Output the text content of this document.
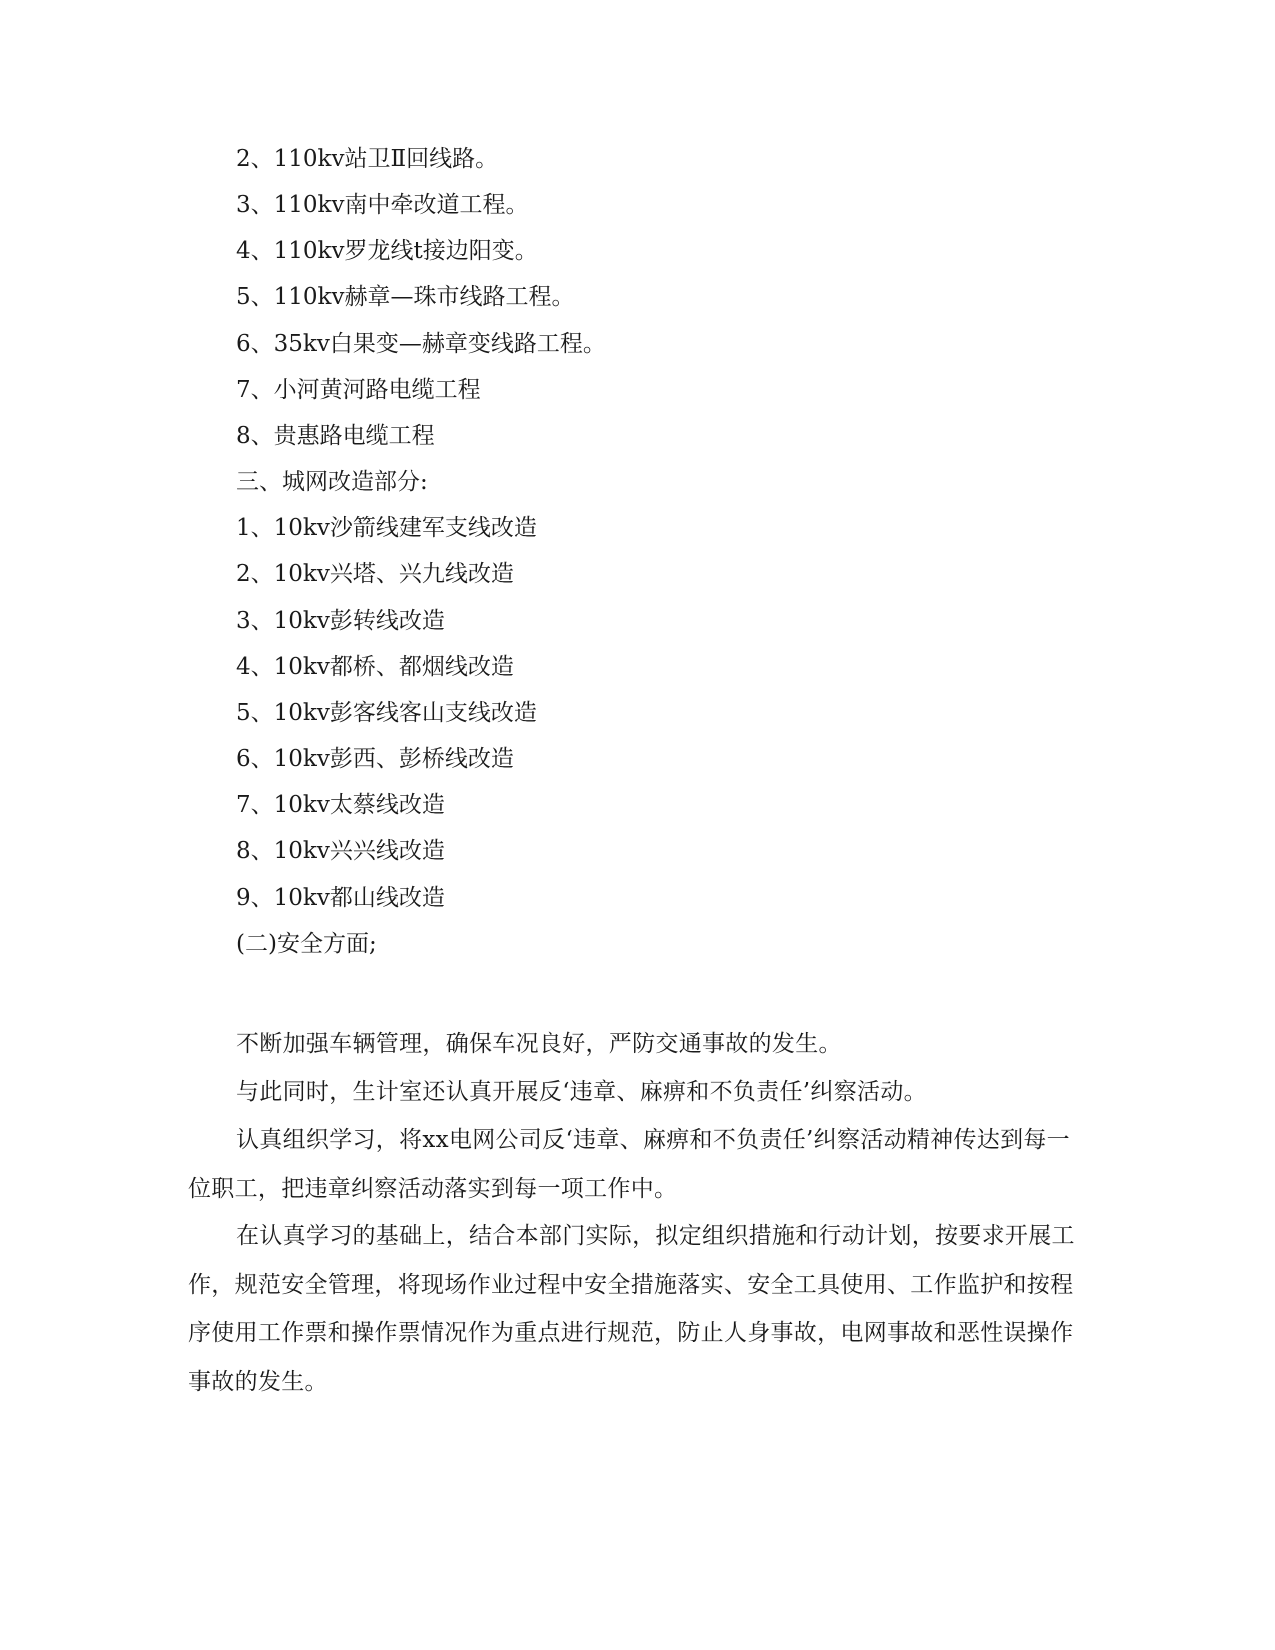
2、110kv站卫Ⅱ回线路。
3、110kv南中牵改道工程。
4、110kv罗龙线t接边阳变。
5、110kv赫章—珠市线路工程。
6、35kv白果变—赫章变线路工程。
7、小河黄河路电缆工程
8、贵惠路电缆工程
三、城网改造部分:
1、10kv沙箭线建军支线改造
2、10kv兴塔、兴九线改造
3、10kv彭转线改造
4、10kv都桥、都烟线改造
5、10kv彭客线客山支线改造
6、10kv彭西、彭桥线改造
7、10kv太蔡线改造
8、10kv兴兴线改造
9、10kv都山线改造
(二)安全方面;
不断加强车辆管理，确保车况良好，严防交通事故的发生。
与此同时，生计室还认真开展反‘违章、麻痹和不负责任’纠察活动。
认真组织学习，将xx电网公司反‘违章、麻痹和不负责任’纠察活动精神传达到每一位职工，把违章纠察活动落实到每一项工作中。
在认真学习的基础上，结合本部门实际，拟定组织措施和行动计划，按要求开展工作，规范安全管理，将现场作业过程中安全措施落实、安全工具使用、工作监护和按程序使用工作票和操作票情况作为重点进行规范，防止人身事故，电网事故和恶性误操作事故的发生。
